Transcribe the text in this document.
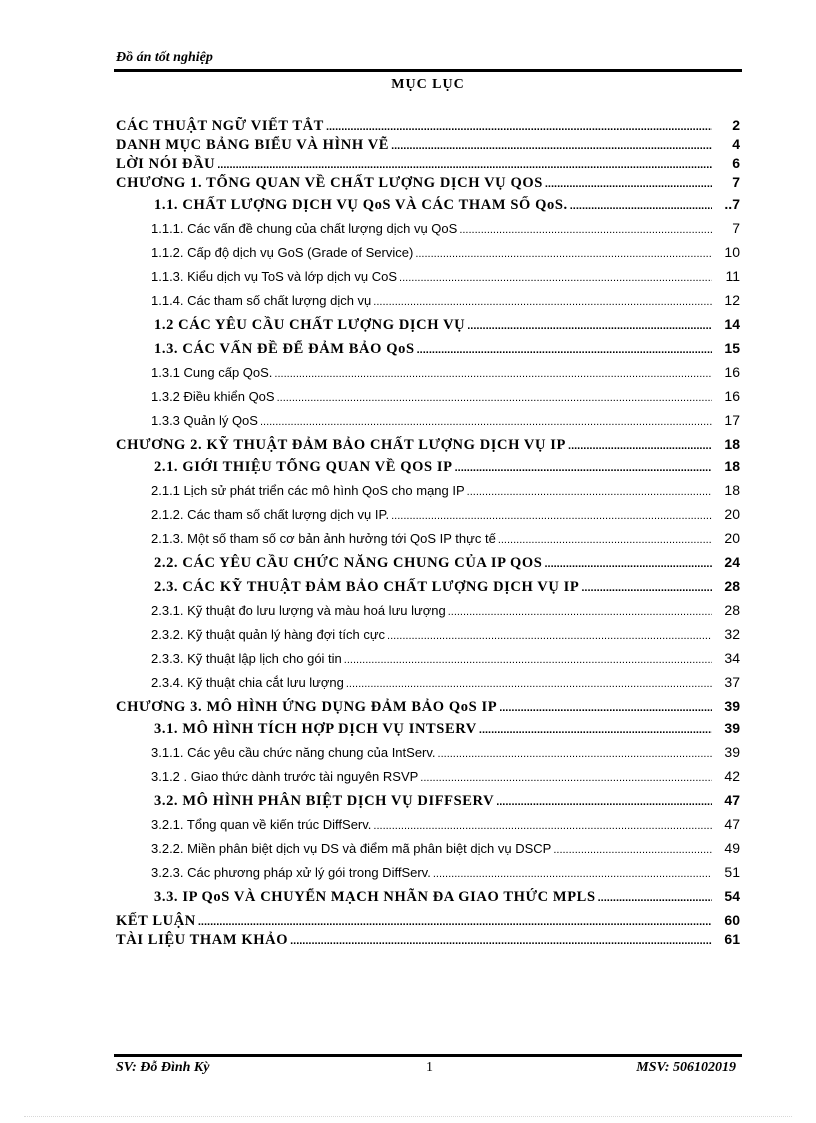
Đồ án tốt nghiệp
MỤC LỤC
CÁC THUẬT NGỮ VIẾT TẮT .....	2
DANH MỤC BẢNG BIỂU VÀ HÌNH VẼ .....	4
LỜI NÓI ĐẦU .....	6
CHƯƠNG 1. TỔNG QUAN VỀ CHẤT LƯỢNG DỊCH VỤ QOS .....	7
1.1. CHẤT LƯỢNG DỊCH VỤ QoS VÀ CÁC THAM SỐ QoS. .....	..7
1.1.1. Các vấn đề chung của chất lượng dịch vụ QoS .....	7
1.1.2. Cấp độ dịch vụ GoS (Grade of Service) .....	10
1.1.3. Kiểu dịch vụ ToS và lớp dịch vụ CoS .....	11
1.1.4. Các tham số chất lượng dịch vụ .....	12
1.2 CÁC YÊU CẦU CHẤT LƯỢNG DỊCH VỤ .....	14
1.3. CÁC VẤN ĐỀ ĐỂ ĐẢM BẢO QoS .....	15
1.3.1 Cung cấp QoS. .....	16
1.3.2 Điều khiển QoS .....	16
1.3.3 Quản lý QoS .....	17
CHƯƠNG 2. KỸ THUẬT ĐẢM BẢO CHẤT LƯỢNG DỊCH VỤ IP .....	18
2.1. GIỚI THIỆU TỔNG QUAN VỀ QOS IP .....	18
2.1.1 Lịch sử phát triển các mô hình QoS cho mạng IP .....	18
2.1.2. Các tham số chất lượng dịch vụ IP. .....	20
2.1.3. Một số tham số cơ bản ảnh hưởng tới QoS IP thực tế .....	20
2.2. CÁC YÊU CẦU CHỨC NĂNG CHUNG CỦA IP QOS .....	24
2.3. CÁC KỸ THUẬT ĐẢM BẢO CHẤT LƯỢNG DỊCH VỤ IP .....	28
2.3.1. Kỹ thuật đo lưu lượng và màu hoá lưu lượng .....	28
2.3.2. Kỹ thuật quản lý hàng đợi tích cực .....	32
2.3.3. Kỹ thuật lập lịch cho gói tin .....	34
2.3.4. Kỹ thuật chia cắt lưu lượng .....	37
CHƯƠNG 3. MÔ HÌNH ỨNG DỤNG ĐẢM BẢO QoS IP .....	39
3.1. MÔ HÌNH TÍCH HỢP DỊCH VỤ INTSERV .....	39
3.1.1. Các yêu cầu chức năng chung của IntServ. .....	39
3.1.2 . Giao thức dành trước tài nguyên RSVP .....	42
3.2. MÔ HÌNH PHÂN BIỆT DỊCH VỤ DIFFSERV .....	47
3.2.1. Tổng quan về kiến trúc DiffServ. .....	47
3.2.2. Miền phân biệt dịch vụ DS và điểm mã phân biệt dịch vụ DSCP .....	49
3.2.3. Các phương pháp xử lý gói trong DiffServ. .....	51
3.3. IP QoS VÀ CHUYỂN MẠCH NHÃN ĐA GIAO THỨC MPLS .....	54
KẾT LUẬN .....	60
TÀI LIỆU THAM KHẢO .....	61
SV: Đỗ Đình Kỳ	1	MSV: 506102019
